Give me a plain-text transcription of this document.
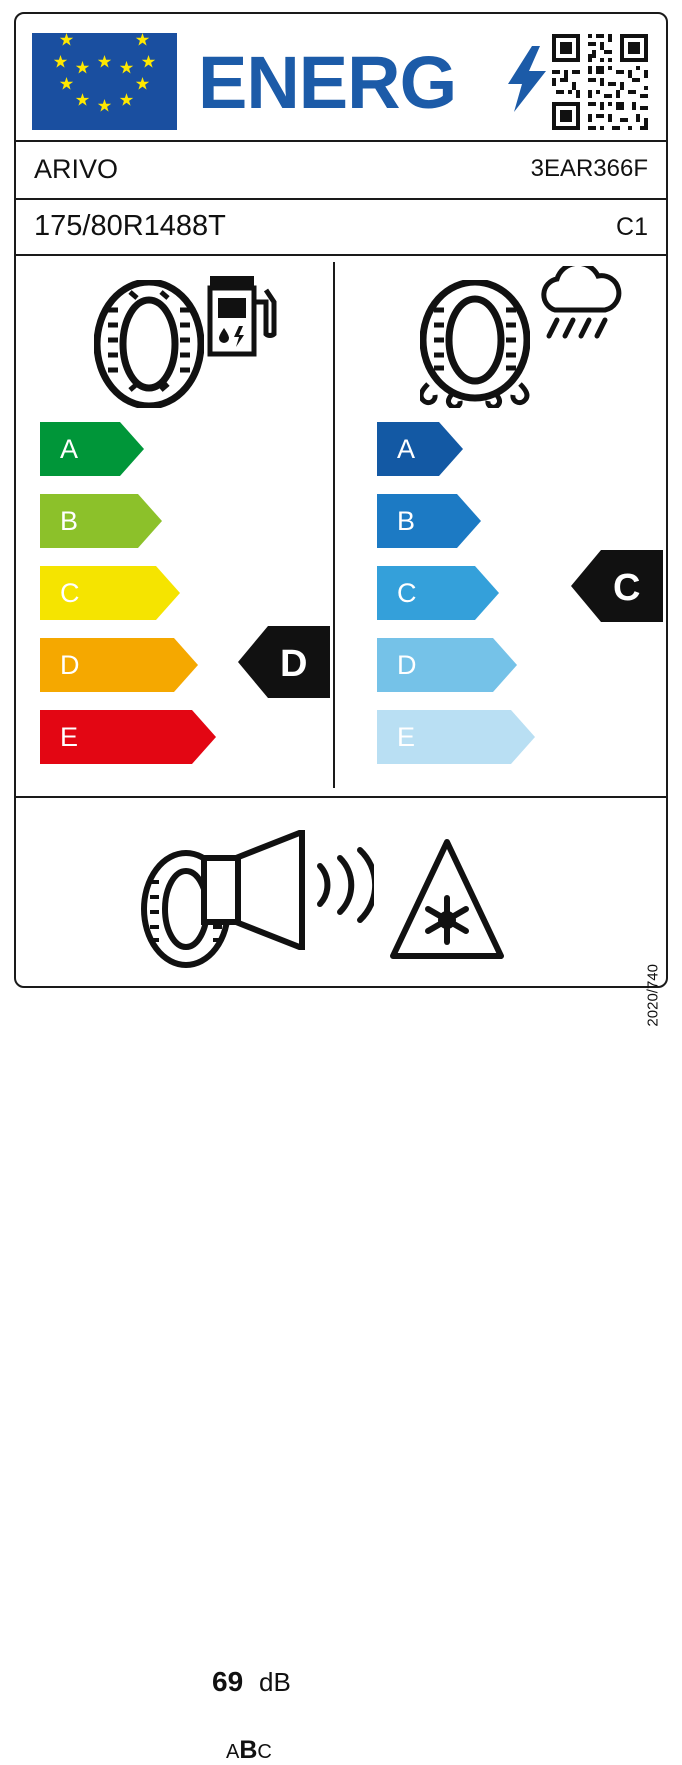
ENERG
ARIVO	3EAR366F
175/80R1488T	C1
A
B
C
D
E
D
A
B
C
D
E
C
69 dB
ABC
2020/740
